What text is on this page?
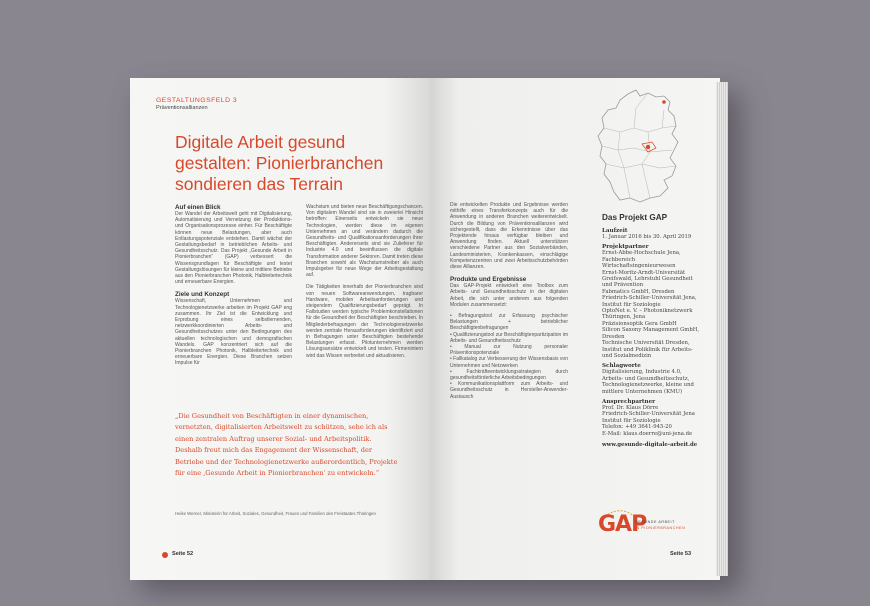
GESTALTUNGSFELD 3
Präventionsallianzen
Digitale Arbeit gesund gestalten: Pionierbranchen sondieren das Terrain
Auf einen Blick
Der Wandel der Arbeitswelt geht mit Digitalisierung, Automatisierung und Vernetzung der Produktions- und Organisationsprozesse einher. Für Beschäftigte können neue Belastungen, aber auch Entlastungspotenziale entstehen. Damit wächst der Gestaltungsbedarf in betrieblichen Arbeits- und Gesundheitsschutz. Das Projekt „Gesunde Arbeit in Pionierbranchen“ (GAP) verbessert die Wissensgrundlagen für Beschäftigte und testet Gestaltungslösungen für kleine und mittlere Betriebe aus den Pionierbranchen Photonik, Halbleitertechnik und erneuerbare Energien.
Ziele und Konzept
Wissenschaft, Unternehmen und Technologienetzwerke arbeiten im Projekt GAP eng zusammen. Ihr Ziel ist die Entwicklung und Erprobung eines selbstlernenden, netzwerkkoordinierten Arbeits- und Gesundheitsschutzes unter den Bedingungen des aktuellen technologischen und demografischen Wandels. GAP konzentriert sich auf die Pionierbranchen Photonik, Halbleitertechnik und erneuerbare Energien. Diese Branchen setzen Impulse für
Wachstum und bieten neue Beschäftigungschancen. Von digitalem Wandel sind sie in zweierlei Hinsicht betroffen: Einerseits entwickeln sie neue Technologien, werden diese im eigenen Unternehmen an und verändern dadurch die Gesundheits- und Qualifikationsanforderungen ihrer Beschäftigten. Andererseits sind sie Zulieferer für Industrie 4.0 und beeinflussen die digitale Transformation anderer Sektoren. Damit treten diese Branchen sowohl als Wachstumstreiber als auch Impulsgeber für neue Wege der Arbeitsgestaltung auf.
Die Tätigkeiten innerhalb der Pionierbranchen sind von neuen Softwareanwendungen, tragbarer Hardware, mobilen Arbeitsanforderungen und steigendem Qualifizierungsbedarf geprägt. In Fallstudien werden typische Problemkonstellationen für die Gesundheit der Beschäftigten beschrieben. In Mitgliederbefragungen der Technologienetzwerke werden zentrale Herausforderungen identifiziert und in Befragungen unter Beschäftigten bestehende Belastungen erfasst. Pilotunternehmen werden Lösungsansätze entwickelt und testen. Firmenintern wird das Wissen verbreitet und aktualisieren.
„Die Gesundheit von Beschäftigten in einer dynamischen, vernetzten, digitalisierten Arbeitswelt zu schützen, sehe ich als einen zentralen Auftrag unserer Sozial- und Arbeitspolitik. Deshalb freut mich das Engagement der Wissenschaft, der Betriebe und der Technologienetzwerke außerordentlich, Projekte für eine ‚Gesunde Arbeit in Pionierbranchen' zu entwickeln.“
Heike Werner, Ministerin für Arbeit, Soziales, Gesundheit, Frauen und Familien des Freistaates Thüringen
Seite 52
Die entwickelten Produkte und Ergebnisse werden mithilfe eines Transferkonzepts auch für die Anwendung in anderen Branchen weiterentwickelt. Durch die Bildung von Präventionsallianzen wird sichergestellt, dass die Erkenntnisse über das Projektende hinaus verfügbar bleiben und Anwendung finden. Aktuell unterstützen verschiedene Partner aus den Sozialverbänden, Landesministerien, Krankenkassen, einschlägige Kompetenzzentren und zwei Arbeitsschutzbehörden diese Allianzen.
Produkte und Ergebnisse
Das GAP-Projekt entwickelt eine Toolbox zum Arbeits- und Gesundheitsschutz in der digitalen Arbeit, die sich unter anderem aus folgenden Modulen zusammensetzt:
• Befragungstool zur Erfassung psychischer Belastungen + betrieblicher Beschäftigtenbefragungen
• Qualifizierungstool zur Beschäftigtenpartizipation im Arbeits- und Gesundheitsschutz
• Manual zur Nutzung personaler Präventionspotenziale
• Fallkatalog zur Verbesserung der Wissensbasis von Unternehmen und Netzwerken
• Fachkräfteentwicklungsstrategien durch gesundheitsförderliche Arbeitsbedingungen
• Kommunikationsplattform zum Arbeits- und Gesundheitsschutz in Hersteller-Anwender-Austausch
Das Projekt GAP
Laufzeit
1. Januar 2016 bis 30. April 2019
Projektpartner
Ernst-Abbe-Hochschule Jena, Fachbereich Wirtschaftsingenieurwesen
Ernst-Moritz-Arndt-Universität Greifswald, Lehrstuhl Gesundheit und Prävention
Fabmatics GmbH, Dresden
Friedrich-Schiller-Universität Jena, Institut für Soziologie
OptoNet e. V. – Photoniknetzwerk Thüringen, Jena
Präzisionsoptik Gera GmbH
Silicon Saxony Management GmbH, Dresden
Technische Universität Dresden, Institut und Poliklinik für Arbeits- und Sozialmedizin
Schlagworte
Digitalisierung, Industrie 4.0, Arbeits- und Gesundheitsschutz, Technologienetzwerke, kleine und mittlere Unternehmen (KMU)
Ansprechpartner
Prof. Dr. Klaus Dörre
Friedrich-Schiller-Universität Jena
Institut für Soziologie
Telefon: +49 3641-945-20
E-Mail: klaus.doerre@uni-jena.de
www.gesunde-digitale-arbeit.de
GAP
GESUNDE ARBEIT
IN PIONIERBRANCHEN
Seite 53
